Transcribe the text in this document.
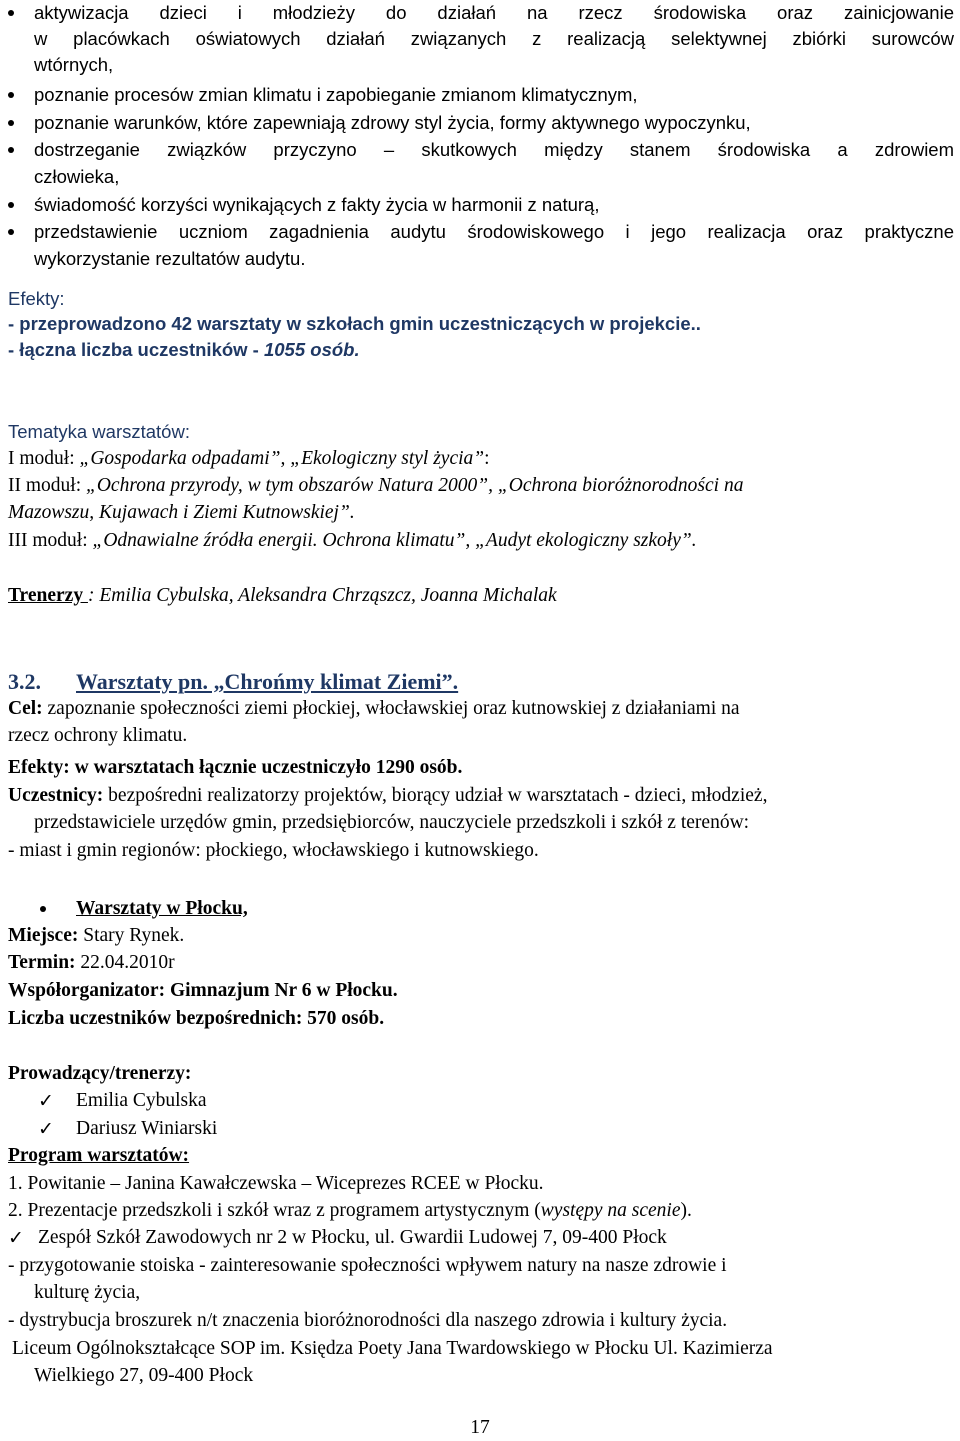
aktywizacja dzieci i młodzieży do działań na rzecz środowiska oraz zainicjowanie
w placówkach oświatowych działań związanych z realizacją selektywnej zbiórki surowców
wtórnych,
poznanie procesów zmian klimatu i zapobieganie zmianom klimatycznym,
poznanie warunków, które zapewniają zdrowy styl życia, formy aktywnego wypoczynku,
dostrzeganie związków przyczyno – skutkowych między stanem środowiska a zdrowiem
człowieka,
świadomość korzyści wynikających z fakty życia w harmonii z naturą,
przedstawienie uczniom zagadnienia audytu środowiskowego i jego realizacja oraz praktyczne
wykorzystanie rezultatów audytu.
Efekty:
- przeprowadzono 42 warsztaty w szkołach gmin uczestniczących w projekcie..
- łączna liczba uczestników - 1055 osób.
Tematyka warsztatów:
I moduł: „Gospodarka odpadami”, „Ekologiczny styl życia”:
II moduł: „Ochrona przyrody, w tym obszarów Natura 2000”, „Ochrona bioróżnorodności na
Mazowszu, Kujawach i Ziemi Kutnowskiej”.
III moduł: „Odnawialne źródła energii. Ochrona klimatu”, „Audyt ekologiczny szkoły”.
Trenerzy : Emilia Cybulska, Aleksandra Chrząszcz, Joanna Michalak
3.2. Warsztaty pn. „Chrońmy klimat Ziemi”.
Cel: zapoznanie społeczności ziemi płockiej, włocławskiej oraz kutnowskiej z działaniami na
rzecz ochrony klimatu.
Efekty: w warsztatach łącznie uczestniczyło 1290 osób.
Uczestnicy: bezpośredni realizatorzy projektów, biorący udział w warsztatach - dzieci, młodzież,
przedstawiciele urzędów gmin, przedsiębiorców, nauczyciele przedszkoli i szkół z terenów:
- miast i gmin regionów: płockiego, włocławskiego i kutnowskiego.
Warsztaty w Płocku,
Miejsce: Stary Rynek.
Termin: 22.04.2010r
Współorganizator: Gimnazjum Nr 6 w Płocku.
Liczba uczestników bezpośrednich: 570 osób.
Prowadzący/trenerzy:
✓ Emilia Cybulska
✓ Dariusz Winiarski
Program warsztatów:
1. Powitanie – Janina Kawałczewska – Wiceprezes RCEE w Płocku.
2. Prezentacje przedszkoli i szkół wraz z programem artystycznym (występy na scenie).
✓ Zespół Szkół Zawodowych nr 2 w Płocku, ul. Gwardii Ludowej 7, 09-400 Płock
- przygotowanie stoiska - zainteresowanie społeczności wpływem natury na nasze zdrowie i
kulturę życia,
- dystrybucja broszurek n/t znaczenia bioróżnorodności dla naszego zdrowia i kultury życia.
Liceum Ogólnokształcące SOP im. Księdza Poety Jana Twardowskiego w Płocku Ul. Kazimierza
Wielkiego 27, 09-400 Płock
17
